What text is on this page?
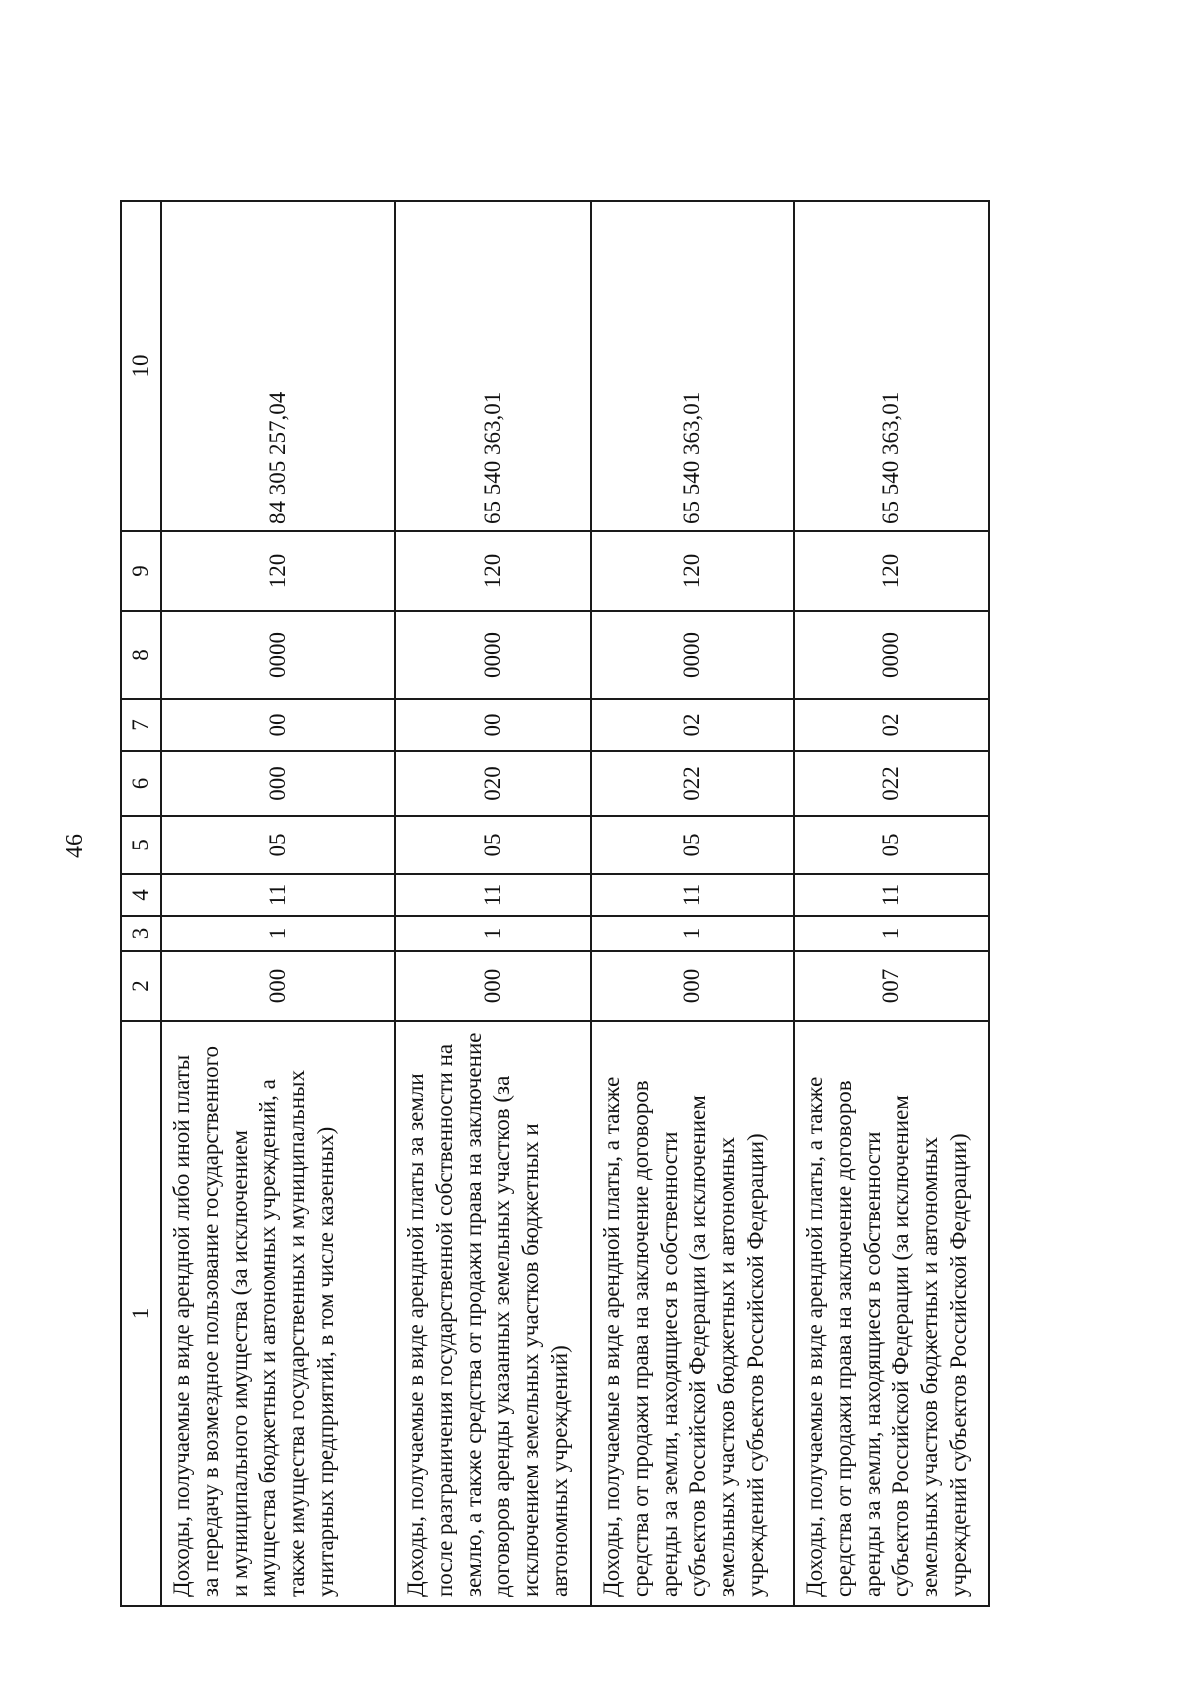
46
1	2	3	4	5	6	7	8	9	10
Доходы, получаемые в виде арендной либо иной платы за передачу в возмездное пользование государственного и муниципального имущества (за исключением имущества бюджетных и автономных учреждений, а также имущества государственных и муниципальных унитарных предприятий, в том числе казенных)	000	1	11	05	000	00	0000	120	84 305 257,04
Доходы, получаемые в виде арендной платы за земли после разграничения государственной собственности на землю, а также средства от продажи права на заключение договоров аренды указанных земельных участков (за исключением земельных участков бюджетных и автономных учреждений)	000	1	11	05	020	00	0000	120	65 540 363,01
Доходы, получаемые в виде арендной платы, а также средства от продажи права на заключение договоров аренды за земли, находящиеся в собственности субъектов Российской Федерации (за исключением земельных участков бюджетных и автономных учреждений субъектов Российской Федерации)	000	1	11	05	022	02	0000	120	65 540 363,01
Доходы, получаемые в виде арендной платы, а также средства от продажи права на заключение договоров аренды за земли, находящиеся в собственности субъектов Российской Федерации (за исключением земельных участков бюджетных и автономных учреждений субъектов Российской Федерации)	007	1	11	05	022	02	0000	120	65 540 363,01
